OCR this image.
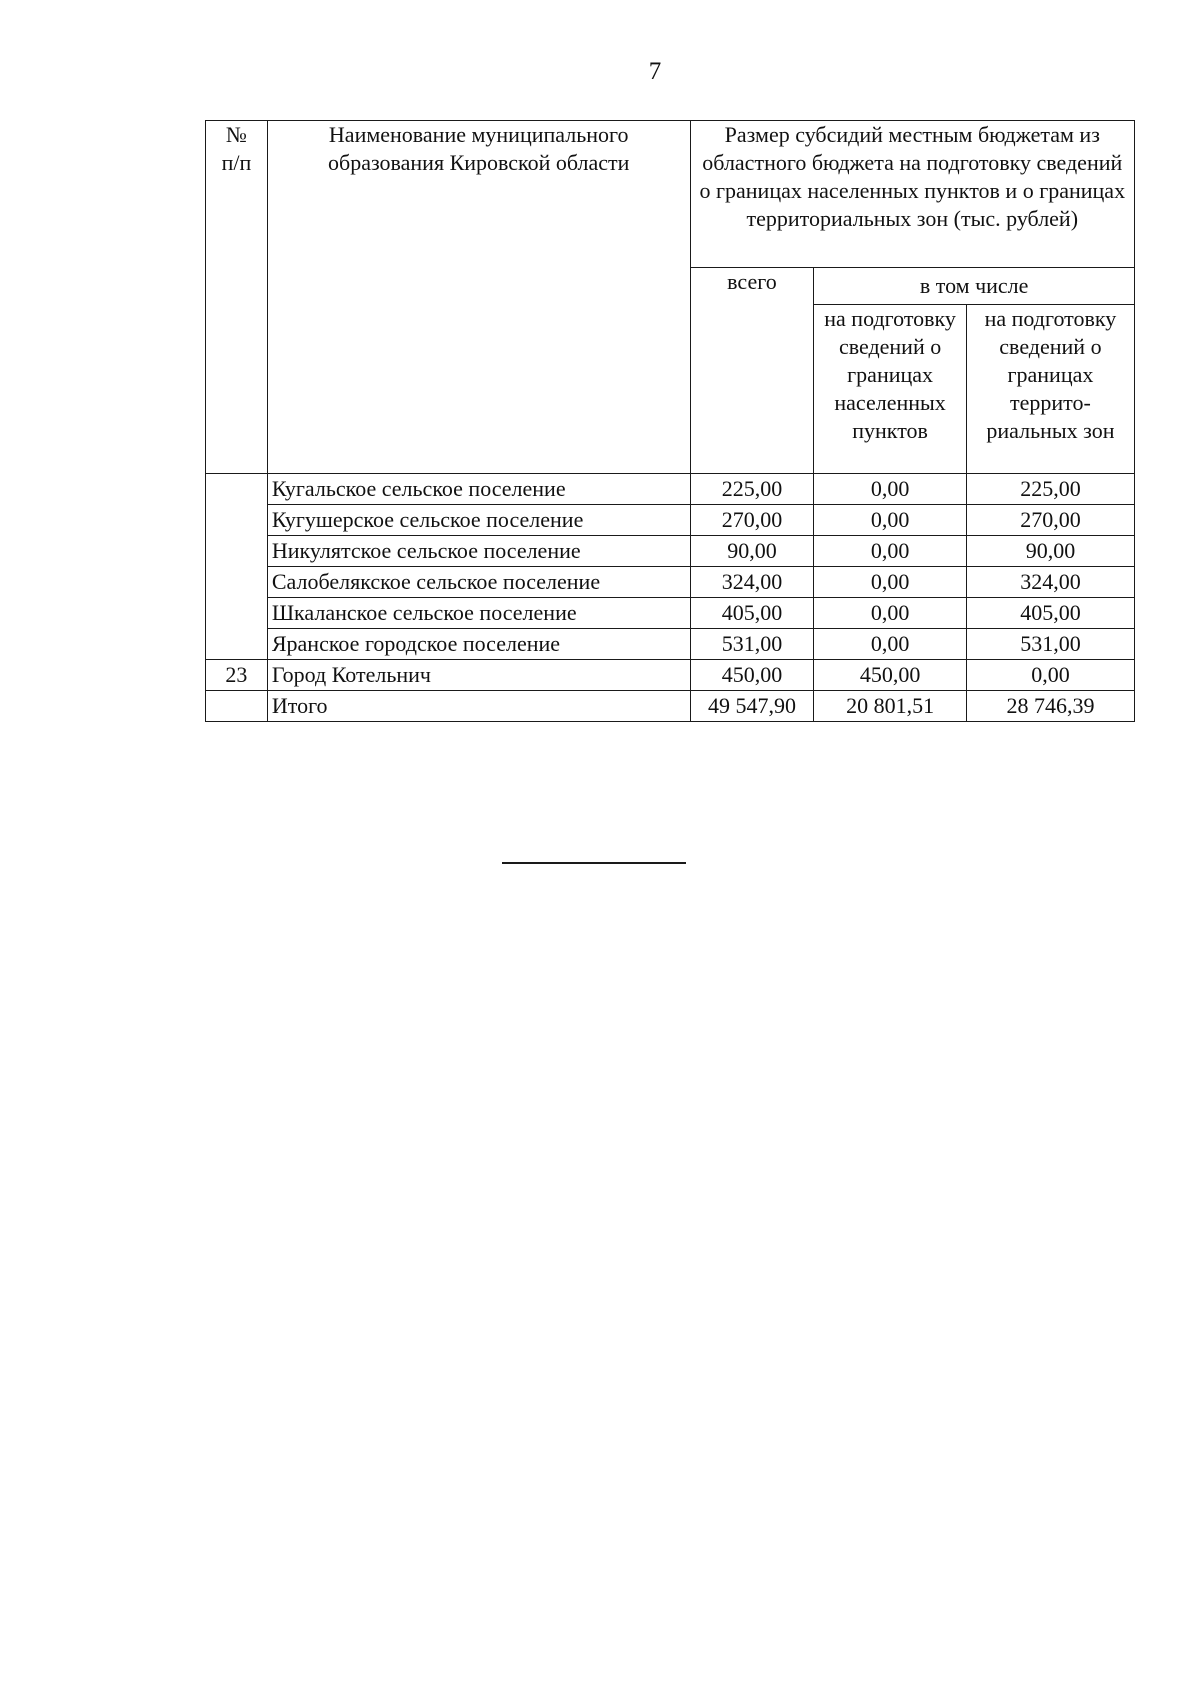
7
№
п/п	Наименование муниципального образования Кировской области	Размер субсидий местным бюджетам из областного бюджета на подготовку сведений о границах населенных пунктов и о границах территориальных зон (тыс. рублей)		
		всего	в том числе	
			на подготовку сведений о границах населенных пунктов	на подготовку сведений о границах террито-риальных зон
	Кугальское сельское поселение	225,00	0,00	225,00
	Кугушерское сельское поселение	270,00	0,00	270,00
	Никулятское сельское поселение	90,00	0,00	90,00
	Салобелякское сельское поселение	324,00	0,00	324,00
	Шкаланское сельское поселение	405,00	0,00	405,00
	Яранское городское поселение	531,00	0,00	531,00
23	Город Котельнич	450,00	450,00	0,00
	Итого	49 547,90	20 801,51	28 746,39
